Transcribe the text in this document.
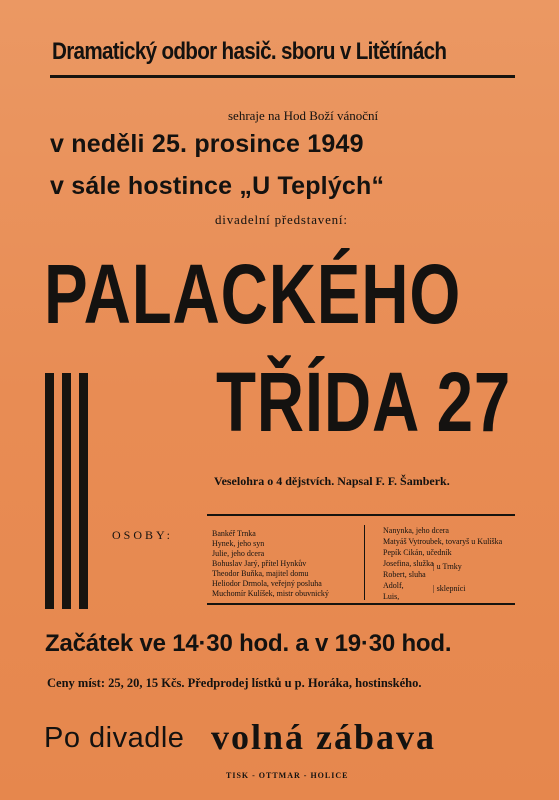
Dramatický odbor hasič. sboru v Litětínách
sehraje na Hod Boží vánoční
v neděli 25. prosince 1949
v sále hostince „U Teplých“
divadelní představení:
PALACKÉHO
TŘÍDA 27
Veselohra o 4 dějstvích. Napsal F. F. Šamberk.
OSOBY:	Bankéř Trnka
Hynek, jeho syn
Julie, jeho dcera
Bohuslav Jarý, přítel Hynkův
Theodor Buňka, majitel domu
Heliodor Drmola, veřejný posluha
Muchomír Kulíšek, mistr obuvnický
Nanynka, jeho dcera
Matyáš Vytroubek, tovaryš u Kulíška
Pepík Cikán, učedník
Josefina, služka
Robert, sluha
Adolf,
Luis,
| u Trnky
| sklepníci
Začátek ve 14·30 hod. a v 19·30 hod.
Ceny míst: 25, 20, 15 Kčs. Předprodej lístků u p. Horáka, hostinského.
Po divadle volná zábava
TISK - OTTMAR - HOLICE
